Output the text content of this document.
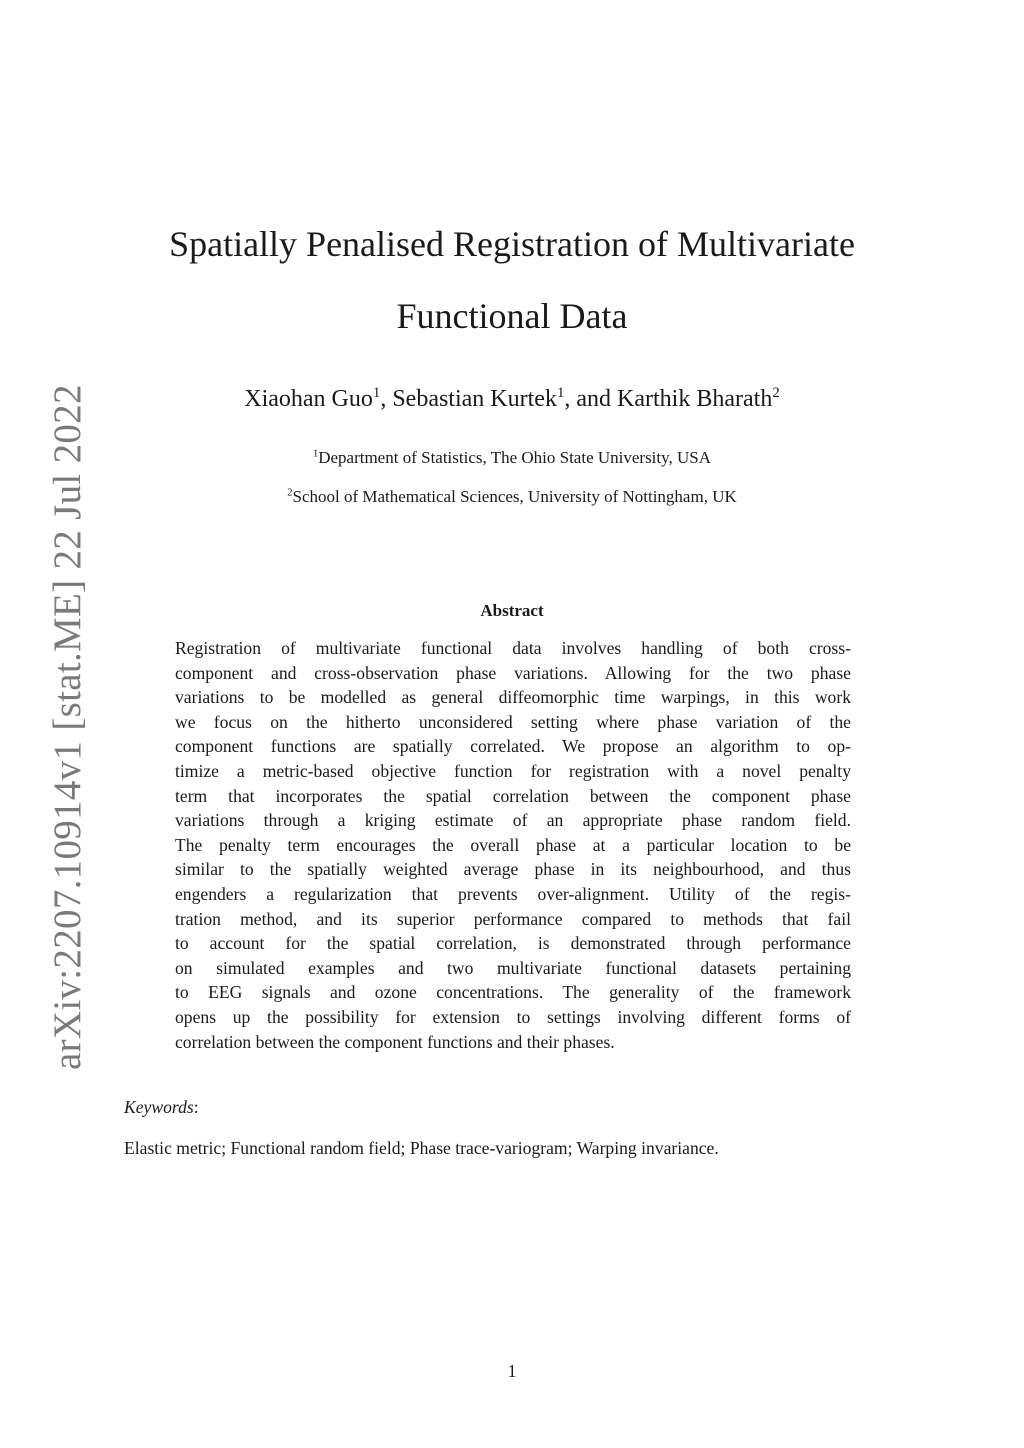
arXiv:2207.10914v1 [stat.ME] 22 Jul 2022
Spatially Penalised Registration of Multivariate
Functional Data
Xiaohan Guo$^1$, Sebastian Kurtek$^1$, and Karthik Bharath$^2$
$^1$Department of Statistics, The Ohio State University, USA
$^2$School of Mathematical Sciences, University of Nottingham, UK
Abstract
Registration of multivariate functional data involves handling of both cross-
component and cross-observation phase variations. Allowing for the two phase
variations to be modelled as general diffeomorphic time warpings, in this work
we focus on the hitherto unconsidered setting where phase variation of the
component functions are spatially correlated. We propose an algorithm to op-
timize a metric-based objective function for registration with a novel penalty
term that incorporates the spatial correlation between the component phase
variations through a kriging estimate of an appropriate phase random field.
The penalty term encourages the overall phase at a particular location to be
similar to the spatially weighted average phase in its neighbourhood, and thus
engenders a regularization that prevents over-alignment. Utility of the regis-
tration method, and its superior performance compared to methods that fail
to account for the spatial correlation, is demonstrated through performance
on simulated examples and two multivariate functional datasets pertaining
to EEG signals and ozone concentrations. The generality of the framework
opens up the possibility for extension to settings involving different forms of
correlation between the component functions and their phases.
Keywords:
Elastic metric; Functional random field; Phase trace-variogram; Warping invariance.
1
